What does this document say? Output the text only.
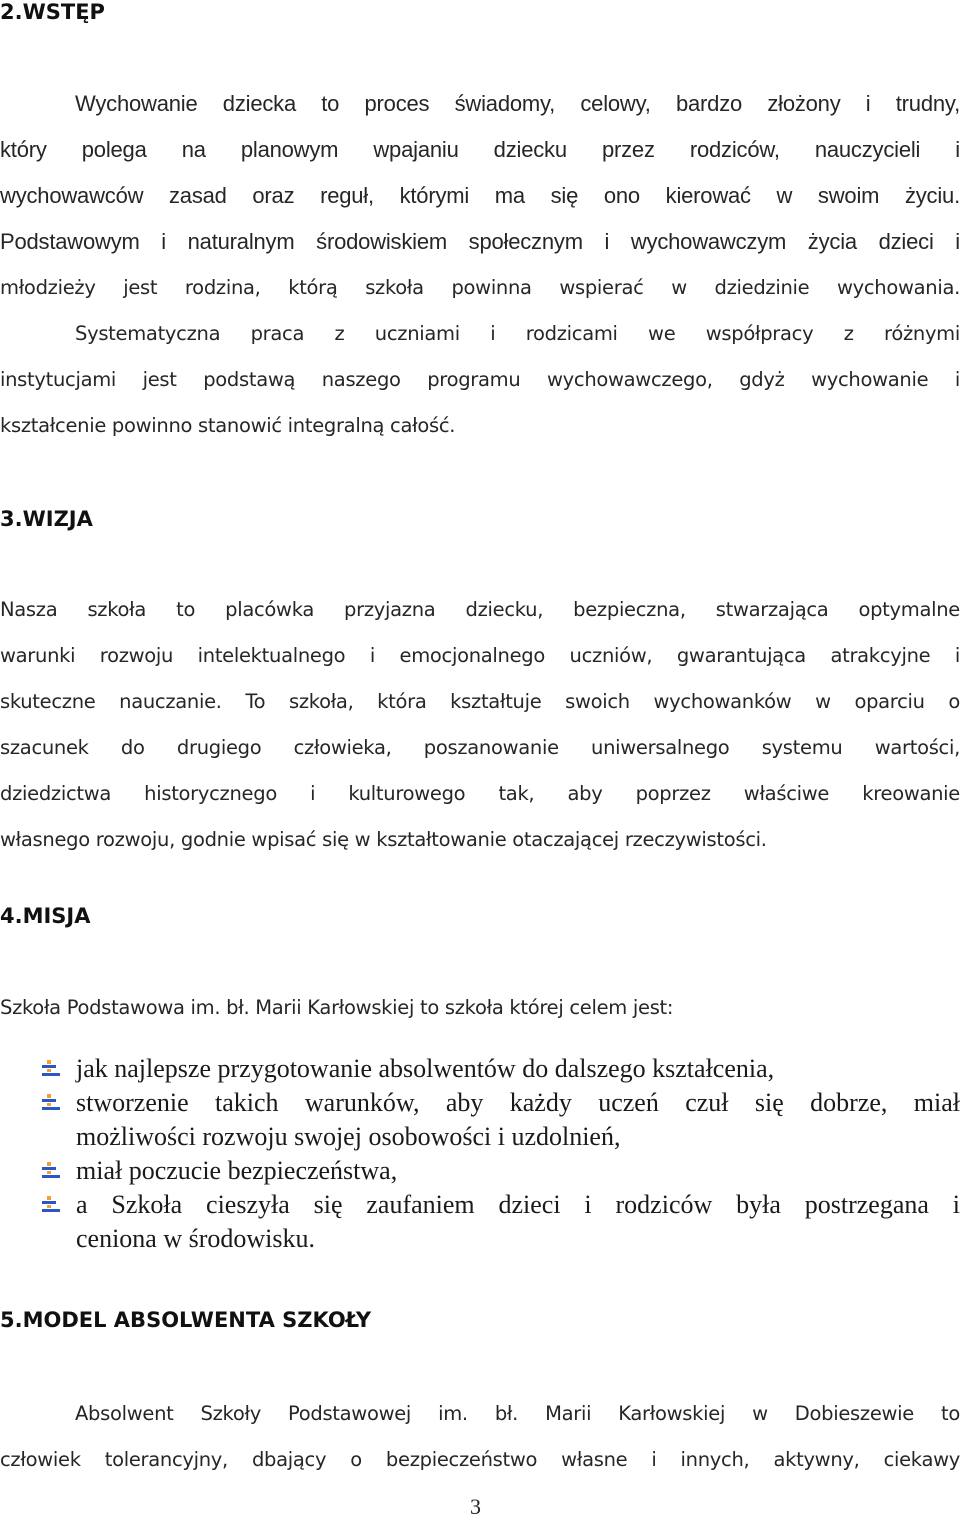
2.WSTĘP
Wychowanie dziecka to proces świadomy, celowy, bardzo złożony i trudny,
który polega na planowym wpajaniu dziecku przez rodziców, nauczycieli i
wychowawców zasad oraz reguł, którymi ma się ono kierować w swoim życiu.
Podstawowym i naturalnym środowiskiem społecznym i wychowawczym życia dzieci i
młodzieży jest rodzina, którą szkoła powinna wspierać w dziedzinie wychowania.
Systematyczna praca z uczniami i rodzicami we współpracy z różnymi
instytucjami jest podstawą naszego programu wychowawczego, gdyż wychowanie i
kształcenie powinno stanowić integralną całość.
3.WIZJA
Nasza szkoła to placówka przyjazna dziecku, bezpieczna, stwarzająca optymalne
warunki rozwoju intelektualnego i emocjonalnego uczniów, gwarantująca atrakcyjne i
skuteczne nauczanie. To szkoła, która kształtuje swoich wychowanków w oparciu o
szacunek do drugiego człowieka, poszanowanie uniwersalnego systemu wartości,
dziedzictwa historycznego i kulturowego tak, aby poprzez właściwe kreowanie
własnego rozwoju, godnie wpisać się w kształtowanie otaczającej rzeczywistości.
4.MISJA
Szkoła Podstawowa im. bł. Marii Karłowskiej to szkoła której celem jest:
jak najlepsze przygotowanie absolwentów do dalszego kształcenia,
stworzenie takich warunków, aby każdy uczeń czuł się dobrze, miał
możliwości rozwoju swojej osobowości i uzdolnień,
miał poczucie bezpieczeństwa,
a Szkoła cieszyła się zaufaniem dzieci i rodziców była postrzegana i
ceniona w środowisku.
5.MODEL ABSOLWENTA SZKOŁY
Absolwent Szkoły Podstawowej im. bł. Marii Karłowskiej w Dobieszewie to
człowiek tolerancyjny, dbający o bezpieczeństwo własne i innych, aktywny, ciekawy
3
